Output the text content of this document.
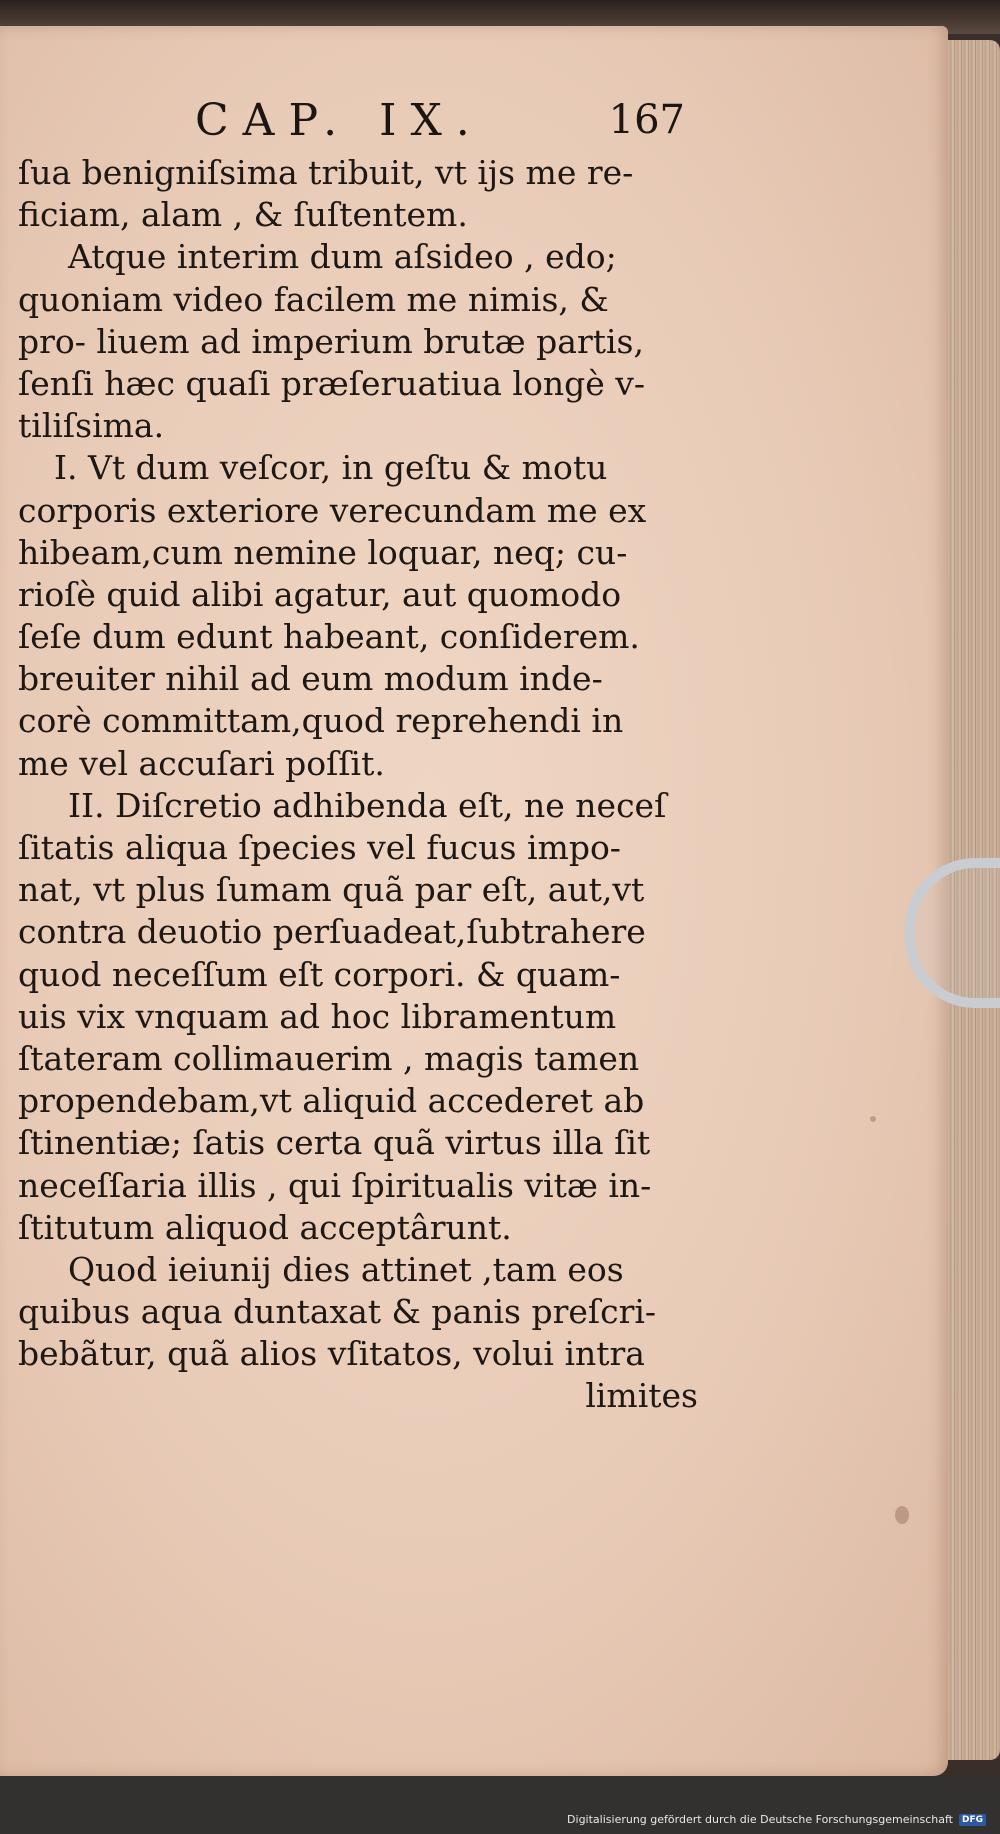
CAP. IX.	167
ſua benigniſsima tribuit, vt ijs me re-
ficiam, alam , & ſuſtentem.
Atque interim dum aſsideo , edo;
quoniam video facilem me nimis, &
pro- liuem ad imperium brutæ partis,
ſenſi hæc quaſi præſeruatiua longè v-
tiliſsima.
I. Vt dum veſcor, in geſtu & motu
corporis exteriore verecundam me ex
hibeam,cum nemine loquar, neq; cu-
rioſè quid alibi agatur, aut quomodo
ſeſe dum edunt habeant, conſiderem.
breuiter nihil ad eum modum inde-
corè committam,quod reprehendi in
me vel accuſari poſſit.
II. Diſcretio adhibenda eſt, ne neceſ
ſitatis aliqua ſpecies vel fucus impo-
nat, vt plus ſumam quã par eſt, aut,vt
contra deuotio perſuadeat,ſubtrahere
quod neceſſum eſt corpori. & quam-
uis vix vnquam ad hoc libramentum
ſtateram collimauerim , magis tamen
propendebam,vt aliquid accederet ab
ſtinentiæ; ſatis certa quã virtus illa ſit
neceſſaria illis , qui ſpiritualis vitæ in-
ſtitutum aliquod acceptârunt.
Quod ieiunij dies attinet ,tam eos
quibus aqua duntaxat & panis preſcri-
bebãtur, quã alios vſitatos, volui intra
limites
Digitalisierung gefördert durch die Deutsche Forschungsgemeinschaft	DFG
